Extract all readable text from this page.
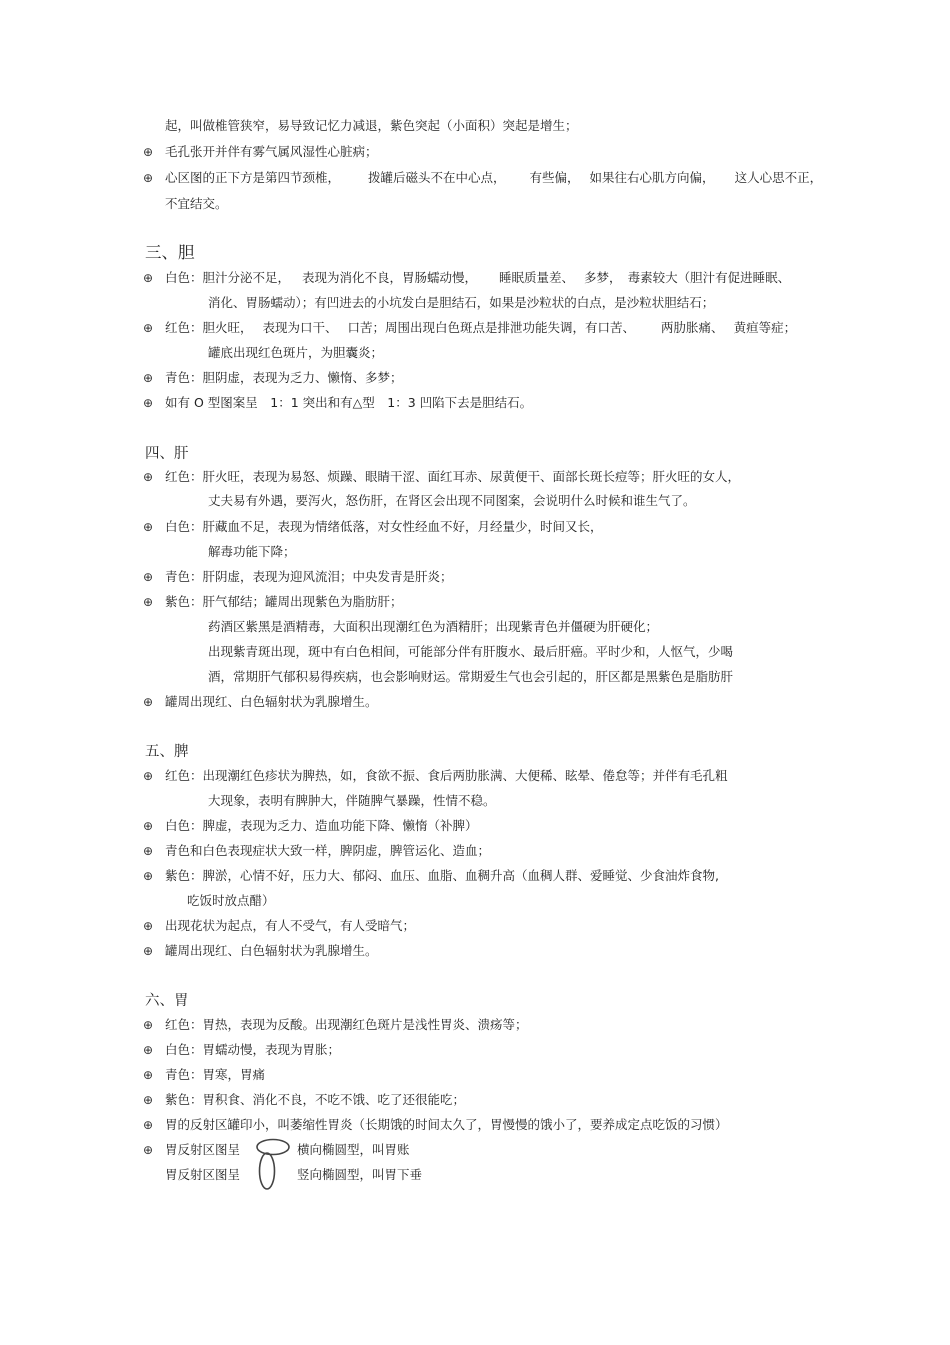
起，叫做椎管狭窄，易导致记忆力减退，紫色突起（小面积）突起是增生；
⊕ 毛孔张开并伴有雾气属风湿性心脏病；
⊕ 心区图的正下方是第四节颈椎， 拨罐后磁头不在中心点， 有些偏， 如果往右心肌方向偏， 这人心思不正，
不宜结交。
三、胆
⊕ 白色：胆汁分泌不足， 表现为消化不良，胃肠蠕动慢， 睡眠质量差、 多梦， 毒素较大（胆汁有促进睡眠、
消化、胃肠蠕动）；有凹进去的小坑发白是胆结石，如果是沙粒状的白点，是沙粒状胆结石；
⊕ 红色：胆火旺， 表现为口干、 口苦；周围出现白色斑点是排泄功能失调，有口苦、 两肋胀痛、 黄疸等症；
罐底出现红色斑片，为胆囊炎；
⊕ 青色：胆阴虚，表现为乏力、懒惰、多梦；
⊕ 如有 O 型图案呈　1：1 突出和有△型　1：3 凹陷下去是胆结石。
四、肝
⊕ 红色：肝火旺，表现为易怒、烦躁、眼睛干涩、面红耳赤、尿黄便干、面部长斑长痘等；肝火旺的女人，
丈夫易有外遇，要泻火，怒伤肝，在肾区会出现不同图案，会说明什么时候和谁生气了。
⊕ 白色：肝藏血不足，表现为情绪低落，对女性经血不好，月经量少，时间又长，
解毒功能下降；
⊕ 青色：肝阴虚，表现为迎风流泪；中央发青是肝炎；
⊕ 紫色：肝气郁结；罐周出现紫色为脂肪肝；
药酒区紫黑是酒精毒，大面积出现潮红色为酒精肝；出现紫青色并僵硬为肝硬化；
出现紫青斑出现，斑中有白色相间，可能部分伴有肝腹水、最后肝癌。平时少和，人怄气，少喝
酒，常期肝气郁积易得疾病，也会影响财运。常期爱生气也会引起的，肝区都是黑紫色是脂肪肝
⊕ 罐周出现红、白色辐射状为乳腺增生。
五、脾
⊕ 红色：出现潮红色疹状为脾热，如，食欲不振、食后两肋胀满、大便稀、眩晕、倦怠等；并伴有毛孔粗
大现象，表明有脾肿大，伴随脾气暴躁，性情不稳。
⊕ 白色：脾虚，表现为乏力、造血功能下降、懒惰（补脾）
⊕ 青色和白色表现症状大致一样，脾阴虚，脾管运化、造血；
⊕ 紫色：脾淤，心情不好，压力大、郁闷、血压、血脂、血稠升高（血稠人群、爱睡觉、少食油炸食物,
吃饭时放点醋）
⊕ 出现花状为起点，有人不受气，有人受暗气；
⊕ 罐周出现红、白色辐射状为乳腺增生。
六、胃
⊕ 红色：胃热，表现为反酸。出现潮红色斑片是浅性胃炎、溃疡等；
⊕ 白色：胃蠕动慢，表现为胃胀；
⊕ 青色：胃寒，胃痛
⊕ 紫色：胃积食、消化不良，不吃不饿、吃了还很能吃；
⊕ 胃的反射区罐印小，叫萎缩性胃炎（长期饿的时间太久了，胃慢慢的饿小了，要养成定点吃饭的习惯）
⊕ 胃反射区图呈	横向椭圆型，叫胃账
胃反射区图呈	竖向椭圆型，叫胃下垂
